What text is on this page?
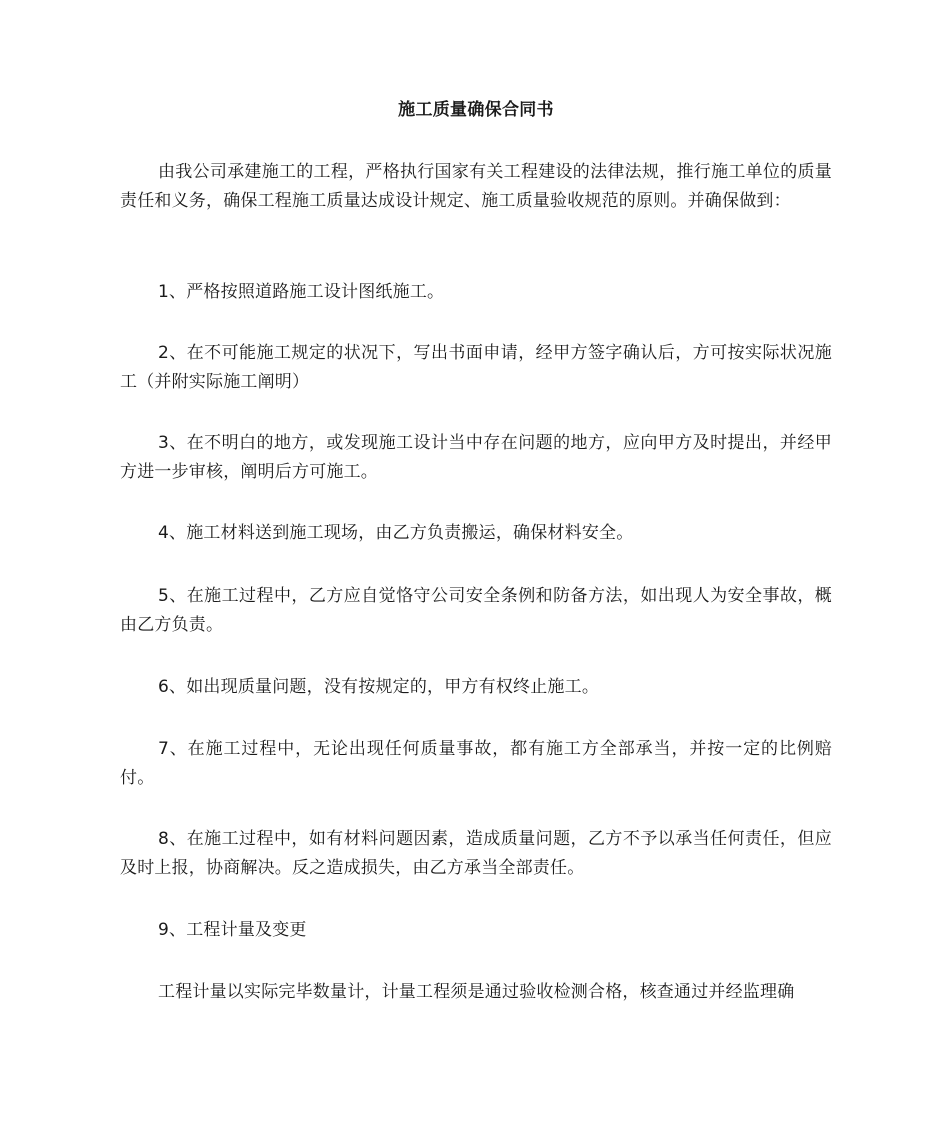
施工质量确保合同书

由我公司承建施工的工程，严格执行国家有关工程建设的法律法规，推行施工单位的质量责任和义务，确保工程施工质量达成设计规定、施工质量验收规范的原则。并确保做到：

1、严格按照道路施工设计图纸施工。

2、在不可能施工规定的状况下，写出书面申请，经甲方签字确认后，方可按实际状况施工（并附实际施工阐明）

3、在不明白的地方，或发现施工设计当中存在问题的地方，应向甲方及时提出，并经甲方进一步审核，阐明后方可施工。

4、施工材料送到施工现场，由乙方负责搬运，确保材料安全。

5、在施工过程中，乙方应自觉恪守公司安全条例和防备方法，如出现人为安全事故，概由乙方负责。

6、如出现质量问题，没有按规定的，甲方有权终止施工。

7、在施工过程中，无论出现任何质量事故，都有施工方全部承当，并按一定的比例赔付。

8、在施工过程中，如有材料问题因素，造成质量问题，乙方不予以承当任何责任，但应及时上报，协商解决。反之造成损失，由乙方承当全部责任。

9、工程计量及变更

工程计量以实际完毕数量计，计量工程须是通过验收检测合格，核查通过并经监理确
